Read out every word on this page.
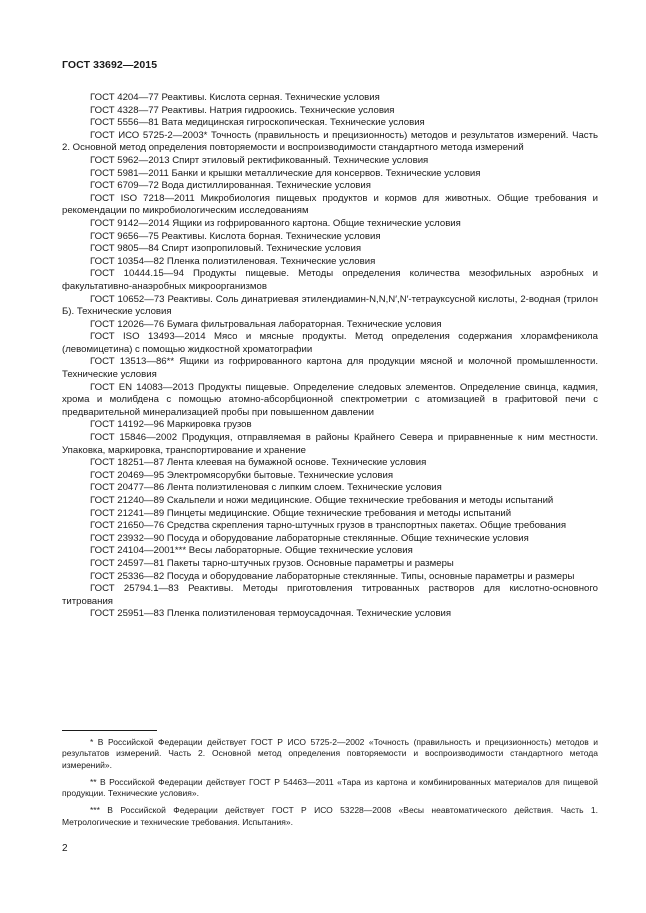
ГОСТ 33692—2015

ГОСТ 4204—77 Реактивы. Кислота серная. Технические условия

ГОСТ 4328—77 Реактивы. Натрия гидроокись. Технические условия

ГОСТ 5556—81 Вата медицинская гигроскопическая. Технические условия

ГОСТ ИСО 5725-2—2003* Точность (правильность и прецизионность) методов и результатов измерений. Часть 2. Основной метод определения повторяемости и воспроизводимости стандартного метода измерений

ГОСТ 5962—2013 Спирт этиловый ректификованный. Технические условия

ГОСТ 5981—2011 Банки и крышки металлические для консервов. Технические условия

ГОСТ 6709—72 Вода дистиллированная. Технические условия

ГОСТ ISO 7218—2011 Микробиология пищевых продуктов и кормов для животных. Общие требования и рекомендации по микробиологическим исследованиям

ГОСТ 9142—2014 Ящики из гофрированного картона. Общие технические условия

ГОСТ 9656—75 Реактивы. Кислота борная. Технические условия

ГОСТ 9805—84 Спирт изопропиловый. Технические условия

ГОСТ 10354—82 Пленка полиэтиленовая. Технические условия

ГОСТ 10444.15—94 Продукты пищевые. Методы определения количества мезофильных аэробных и факультативно-анаэробных микроорганизмов

ГОСТ 10652—73 Реактивы. Соль динатриевая этилендиамин-N,N,N′,N′-тетрауксусной кислоты, 2-водная (трилон Б). Технические условия

ГОСТ 12026—76 Бумага фильтровальная лабораторная. Технические условия

ГОСТ ISO 13493—2014 Мясо и мясные продукты. Метод определения содержания хлорамфеникола (левомицетина) с помощью жидкостной хроматографии

ГОСТ 13513—86** Ящики из гофрированного картона для продукции мясной и молочной промышленности. Технические условия

ГОСТ EN 14083—2013 Продукты пищевые. Определение следовых элементов. Определение свинца, кадмия, хрома и молибдена с помощью атомно-абсорбционной спектрометрии с атомизацией в графитовой печи с предварительной минерализацией пробы при повышенном давлении

ГОСТ 14192—96 Маркировка грузов

ГОСТ 15846—2002 Продукция, отправляемая в районы Крайнего Севера и приравненные к ним местности. Упаковка, маркировка, транспортирование и хранение

ГОСТ 18251—87 Лента клеевая на бумажной основе. Технические условия

ГОСТ 20469—95 Электромясорубки бытовые. Технические условия

ГОСТ 20477—86 Лента полиэтиленовая с липким слоем. Технические условия

ГОСТ 21240—89 Скальпели и ножи медицинские. Общие технические требования и методы испытаний

ГОСТ 21241—89 Пинцеты медицинские. Общие технические требования и методы испытаний

ГОСТ 21650—76 Средства скрепления тарно-штучных грузов в транспортных пакетах. Общие требования

ГОСТ 23932—90 Посуда и оборудование лабораторные стеклянные. Общие технические условия

ГОСТ 24104—2001*** Весы лабораторные. Общие технические условия

ГОСТ 24597—81 Пакеты тарно-штучных грузов. Основные параметры и размеры

ГОСТ 25336—82 Посуда и оборудование лабораторные стеклянные. Типы, основные параметры и размеры

ГОСТ 25794.1—83 Реактивы. Методы приготовления титрованных растворов для кислотно-основного титрования

ГОСТ 25951—83 Пленка полиэтиленовая термоусадочная. Технические условия

* В Российской Федерации действует ГОСТ Р ИСО 5725-2—2002 «Точность (правильность и прецизионность) методов и результатов измерений. Часть 2. Основной метод определения повторяемости и воспроизводимости стандартного метода измерений».

** В Российской Федерации действует ГОСТ Р 54463—2011 «Тара из картона и комбинированных материалов для пищевой продукции. Технические условия».

*** В Российской Федерации действует ГОСТ Р ИСО 53228—2008 «Весы неавтоматического действия. Часть 1. Метрологические и технические требования. Испытания».

2
